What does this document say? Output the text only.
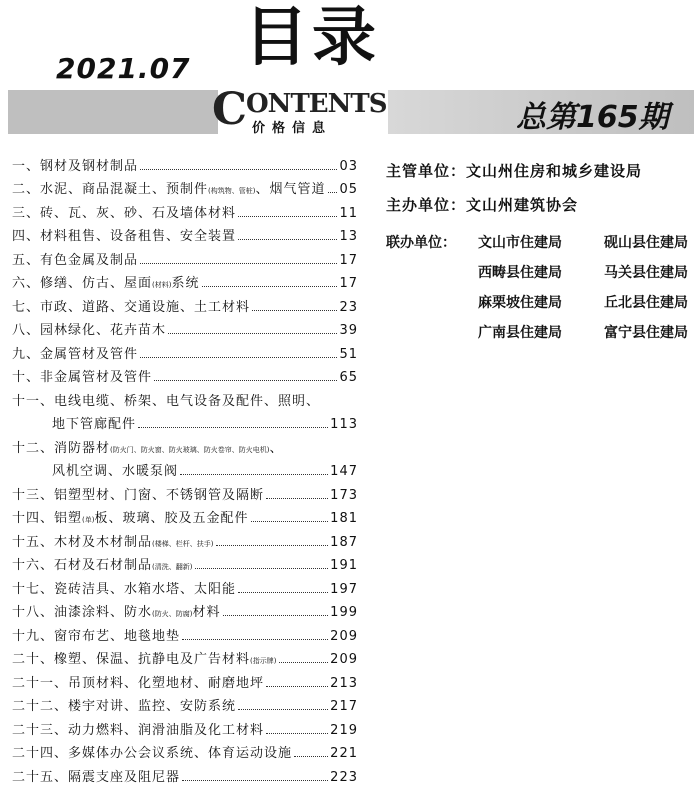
2021.07 目录
CONTENTS
价格信息	总第165期
一、 钢材及钢材制品	03
二、 水泥、商品混凝土、预制件(构筑物、管桩)、烟气管道 05
三、 砖、瓦、灰、砂、石及墙体材料	11
四、 材料租售、设备租售、安全装置	13
五、 有色金属及制品	17
六、 修缮、仿古、屋面(材料)系统	17
七、 市政、道路、交通设施、土工材料	23
八、 园林绿化、花卉苗木	39
九、 金属管材及管件	51
十、 非金属管材及管件	65
十一、 电线电缆、桥架、电气设备及配件、照明、
地下管廊配件	113
十二、 消防器材(防火门、防火窗、防火玻璃、防火卷帘、防火电机)、
风机空调、水暖泵阀	147
十三、 铝塑型材、门窗、不锈钢管及隔断	173
十四、 铝塑(单)板、玻璃、胶及五金配件	181
十五、 木材及木材制品(楼梯、栏杆、扶手)	187
十六、 石材及石材制品(清洗、翻新)	191
十七、 瓷砖洁具、水箱水塔、太阳能	197
十八、 油漆涂料、防水(防火、防腐)材料	199
十九、 窗帘布艺、地毯地垫	209
二十、 橡塑、保温、抗静电及广告材料(指示牌)	209
二十一、 吊顶材料、化塑地材、耐磨地坪	213
二十二、 楼宇对讲、监控、安防系统	217
二十三、 动力燃料、润滑油脂及化工材料	219
二十四、 多媒体办公会议系统、体育运动设施	221
二十五、 隔震支座及阻尼器	223
主管单位：文山州住房和城乡建设局
主办单位：文山州建筑协会
联办单位：	文山市住建局	砚山县住建局
西畴县住建局	马关县住建局
麻栗坡住建局	丘北县住建局
广南县住建局	富宁县住建局
